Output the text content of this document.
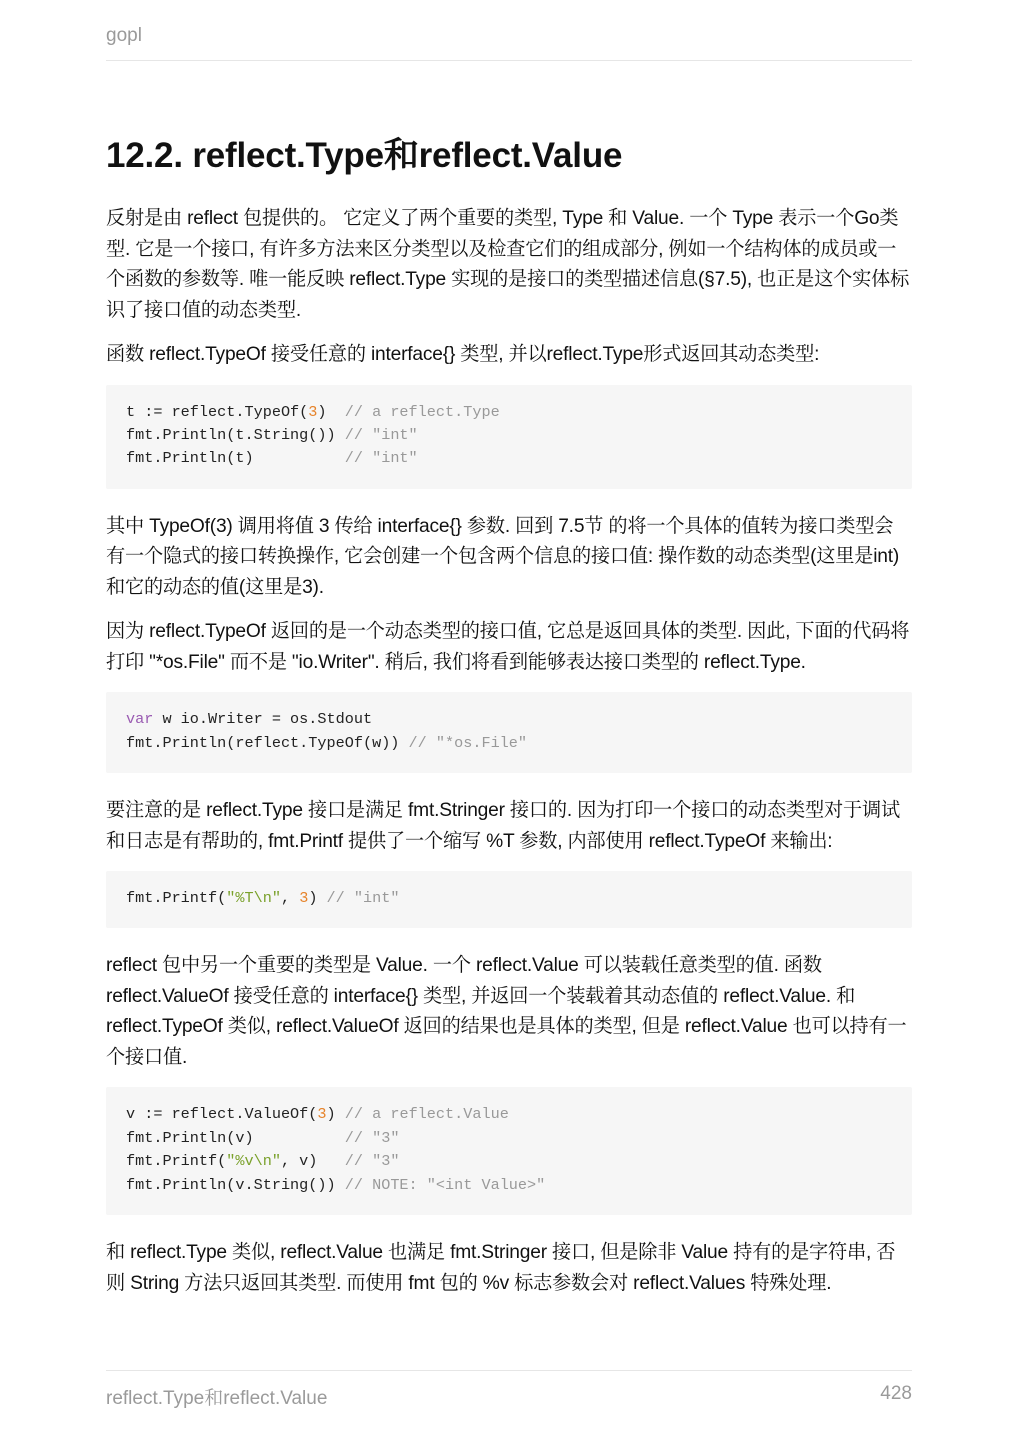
gopl
12.2. reflect.Type和reflect.Value

反射是由 reflect 包提供的。 它定义了两个重要的类型, Type 和 Value. 一个 Type 表示一个Go类型. 它是一个接口, 有许多方法来区分类型以及检查它们的组成部分, 例如一个结构体的成员或一个函数的参数等. 唯一能反映 reflect.Type 实现的是接口的类型描述信息(§7.5), 也正是这个实体标识了接口值的动态类型.

函数 reflect.TypeOf 接受任意的 interface{} 类型, 并以reflect.Type形式返回其动态类型:

t := reflect.TypeOf(3)  // a reflect.Type
fmt.Println(t.String()) // "int"
fmt.Println(t)          // "int"

其中 TypeOf(3) 调用将值 3 传给 interface{} 参数. 回到 7.5节 的将一个具体的值转为接口类型会有一个隐式的接口转换操作, 它会创建一个包含两个信息的接口值: 操作数的动态类型(这里是int)和它的动态的值(这里是3).

因为 reflect.TypeOf 返回的是一个动态类型的接口值, 它总是返回具体的类型. 因此, 下面的代码将打印 "*os.File" 而不是 "io.Writer". 稍后, 我们将看到能够表达接口类型的 reflect.Type.

var w io.Writer = os.Stdout
fmt.Println(reflect.TypeOf(w)) // "*os.File"

要注意的是 reflect.Type 接口是满足 fmt.Stringer 接口的. 因为打印一个接口的动态类型对于调试和日志是有帮助的, fmt.Printf 提供了一个缩写 %T 参数, 内部使用 reflect.TypeOf 来输出:

fmt.Printf("%T\n", 3) // "int"

reflect 包中另一个重要的类型是 Value. 一个 reflect.Value 可以装载任意类型的值. 函数 reflect.ValueOf 接受任意的 interface{} 类型, 并返回一个装载着其动态值的 reflect.Value. 和 reflect.TypeOf 类似, reflect.ValueOf 返回的结果也是具体的类型, 但是 reflect.Value 也可以持有一个接口值.

v := reflect.ValueOf(3) // a reflect.Value
fmt.Println(v)          // "3"
fmt.Printf("%v\n", v)   // "3"
fmt.Println(v.String()) // NOTE: "<int Value>"

和 reflect.Type 类似, reflect.Value 也满足 fmt.Stringer 接口, 但是除非 Value 持有的是字符串, 否则 String 方法只返回其类型. 而使用 fmt 包的 %v 标志参数会对 reflect.Values 特殊处理.

reflect.Type和reflect.Value	428
